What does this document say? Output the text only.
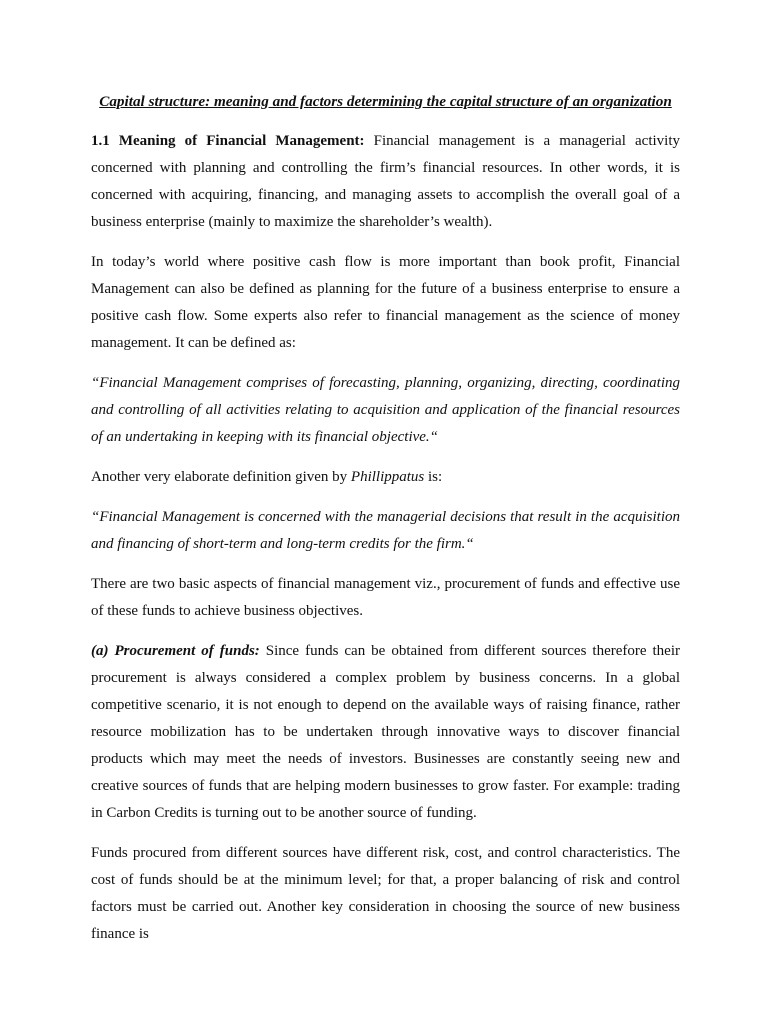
Capital structure: meaning and factors determining the capital structure of an organization

1.1 Meaning of Financial Management: Financial management is a managerial activity concerned with planning and controlling the firm’s financial resources. In other words, it is concerned with acquiring, financing, and managing assets to accomplish the overall goal of a business enterprise (mainly to maximize the shareholder’s wealth).

In today’s world where positive cash flow is more important than book profit, Financial Management can also be defined as planning for the future of a business enterprise to ensure a positive cash flow. Some experts also refer to financial management as the science of money management. It can be defined as:

“Financial Management comprises of forecasting, planning, organizing, directing, coordinating and controlling of all activities relating to acquisition and application of the financial resources of an undertaking in keeping with its financial objective.“

Another very elaborate definition given by Phillippatus is:

“Financial Management is concerned with the managerial decisions that result in the acquisition and financing of short-term and long-term credits for the firm.“

There are two basic aspects of financial management viz., procurement of funds and effective use of these funds to achieve business objectives.

(a) Procurement of funds: Since funds can be obtained from different sources therefore their procurement is always considered a complex problem by business concerns. In a global competitive scenario, it is not enough to depend on the available ways of raising finance, rather resource mobilization has to be undertaken through innovative ways to discover financial products which may meet the needs of investors. Businesses are constantly seeing new and creative sources of funds that are helping modern businesses to grow faster. For example: trading in Carbon Credits is turning out to be another source of funding.

Funds procured from different sources have different risk, cost, and control characteristics. The cost of funds should be at the minimum level; for that, a proper balancing of risk and control factors must be carried out. Another key consideration in choosing the source of new business finance is
